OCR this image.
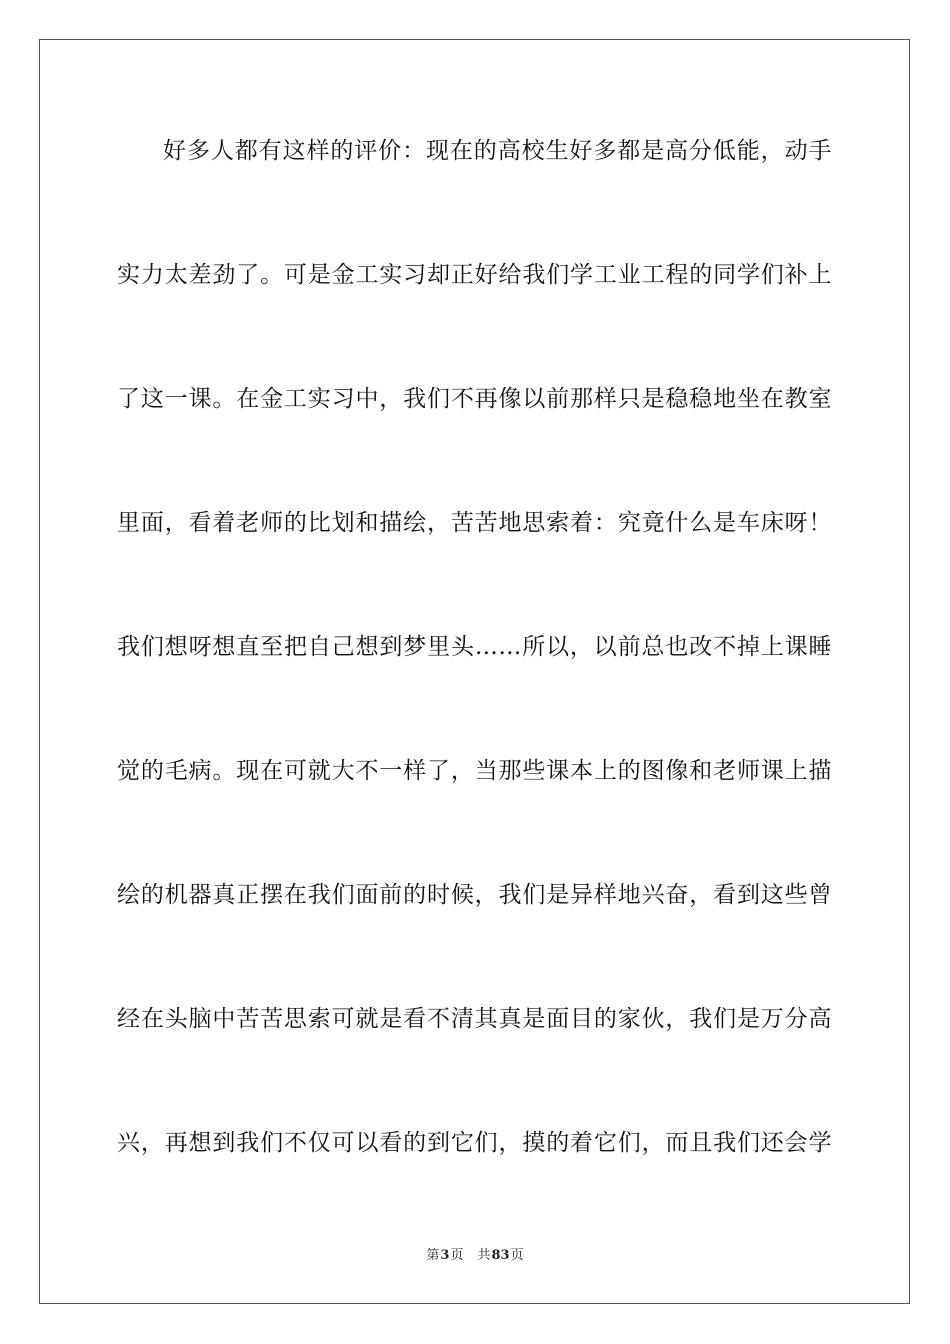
好多人都有这样的评价：现在的高校生好多都是高分低能，动手
实力太差劲了。可是金工实习却正好给我们学工业工程的同学们补上
了这一课。在金工实习中，我们不再像以前那样只是稳稳地坐在教室
里面，看着老师的比划和描绘，苦苦地思索着：究竟什么是车床呀！
我们想呀想直至把自己想到梦里头……所以，以前总也改不掉上课睡
觉的毛病。现在可就大不一样了，当那些课本上的图像和老师课上描
绘的机器真正摆在我们面前的时候，我们是异样地兴奋，看到这些曾
经在头脑中苦苦思索可就是看不清其真是面目的家伙，我们是万分高
兴，再想到我们不仅可以看的到它们，摸的着它们，而且我们还会学
第3页 共83页
